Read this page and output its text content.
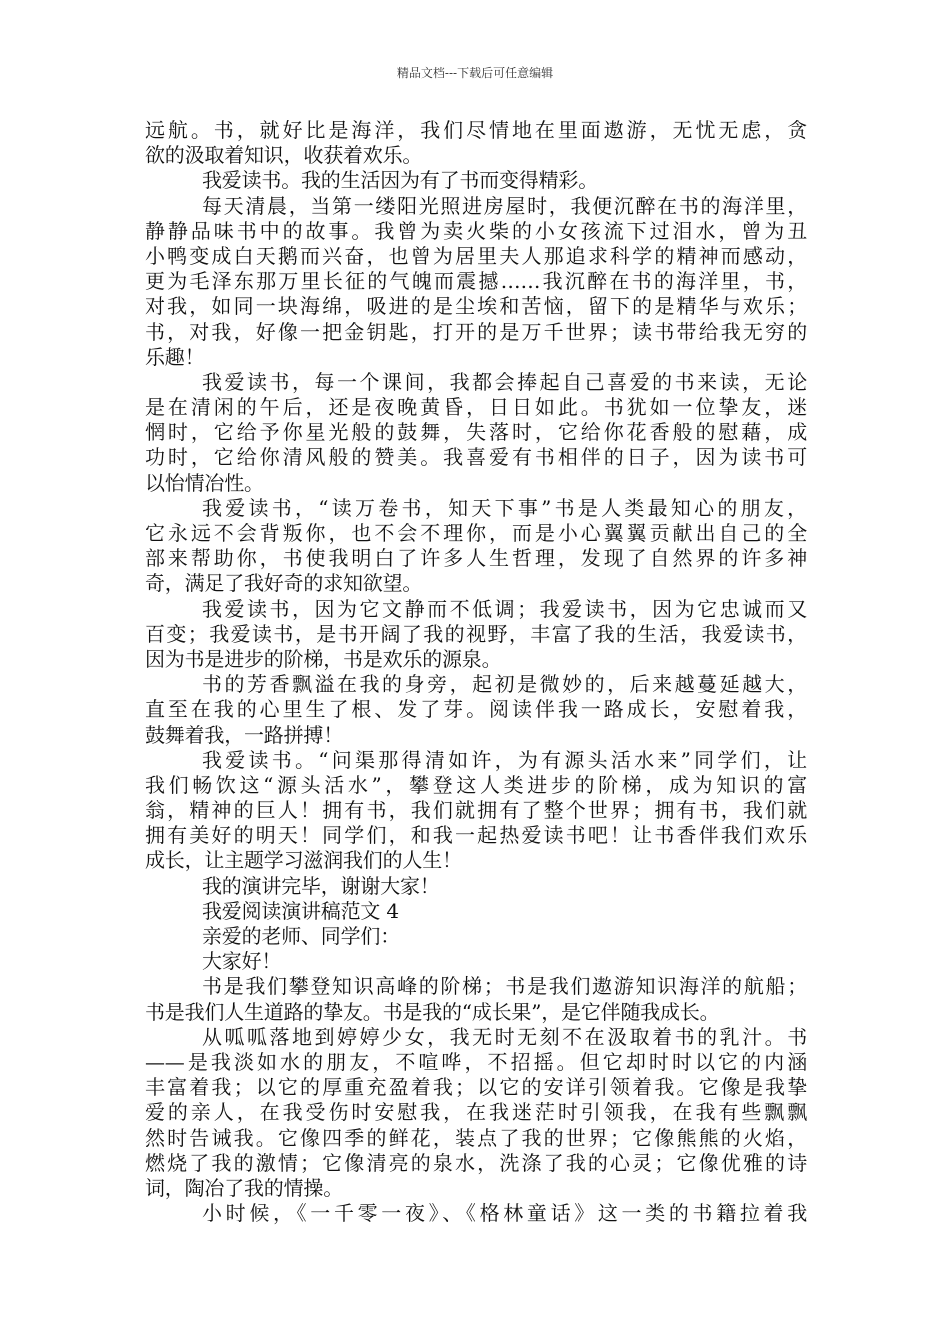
精品文档---下载后可任意编辑
远航。书，就好比是海洋，我们尽情地在里面遨游，无忧无虑，贪
欲的汲取着知识，收获着欢乐。
我爱读书。我的生活因为有了书而变得精彩。
每天清晨，当第一缕阳光照进房屋时，我便沉醉在书的海洋里，
静静品味书中的故事。我曾为卖火柴的小女孩流下过泪水，曾为丑
小鸭变成白天鹅而兴奋，也曾为居里夫人那追求科学的精神而感动，
更为毛泽东那万里长征的气魄而震撼……我沉醉在书的海洋里，书，
对我，如同一块海绵，吸进的是尘埃和苦恼，留下的是精华与欢乐；
书，对我，好像一把金钥匙，打开的是万千世界；读书带给我无穷的
乐趣！
我爱读书，每一个课间，我都会捧起自己喜爱的书来读，无论
是在清闲的午后，还是夜晚黄昏，日日如此。书犹如一位挚友，迷
惘时，它给予你星光般的鼓舞，失落时，它给你花香般的慰藉，成
功时，它给你清风般的赞美。我喜爱有书相伴的日子，因为读书可
以怡情冶性。
我爱读书，“读万卷书，知天下事”书是人类最知心的朋友，
它永远不会背叛你，也不会不理你，而是小心翼翼贡献出自己的全
部来帮助你，书使我明白了许多人生哲理，发现了自然界的许多神
奇，满足了我好奇的求知欲望。
我爱读书，因为它文静而不低调；我爱读书，因为它忠诚而又
百变；我爱读书，是书开阔了我的视野，丰富了我的生活，我爱读书，
因为书是进步的阶梯，书是欢乐的源泉。
书的芳香飘溢在我的身旁，起初是微妙的，后来越蔓延越大，
直至在我的心里生了根、发了芽。阅读伴我一路成长，安慰着我，
鼓舞着我，一路拼搏！
我爱读书。“问渠那得清如许，为有源头活水来”同学们，让
我们畅饮这“源头活水”，攀登这人类进步的阶梯，成为知识的富
翁，精神的巨人！拥有书，我们就拥有了整个世界；拥有书，我们就
拥有美好的明天！同学们，和我一起热爱读书吧！让书香伴我们欢乐
成长，让主题学习滋润我们的人生！
我的演讲完毕，谢谢大家！
我爱阅读演讲稿范文 4
亲爱的老师、同学们：
大家好！
书是我们攀登知识高峰的阶梯；书是我们遨游知识海洋的航船；
书是我们人生道路的挚友。书是我的“成长果”，是它伴随我成长。
从呱呱落地到婷婷少女，我无时无刻不在汲取着书的乳汁。书
——是我淡如水的朋友，不喧哗，不招摇。但它却时时以它的内涵
丰富着我；以它的厚重充盈着我；以它的安详引领着我。它像是我挚
爱的亲人，在我受伤时安慰我，在我迷茫时引领我，在我有些飘飘
然时告诫我。它像四季的鲜花，装点了我的世界；它像熊熊的火焰，
燃烧了我的激情；它像清亮的泉水，洗涤了我的心灵；它像优雅的诗
词，陶冶了我的情操。
小时候，《一千零一夜》、《格林童话》这一类的书籍拉着我
